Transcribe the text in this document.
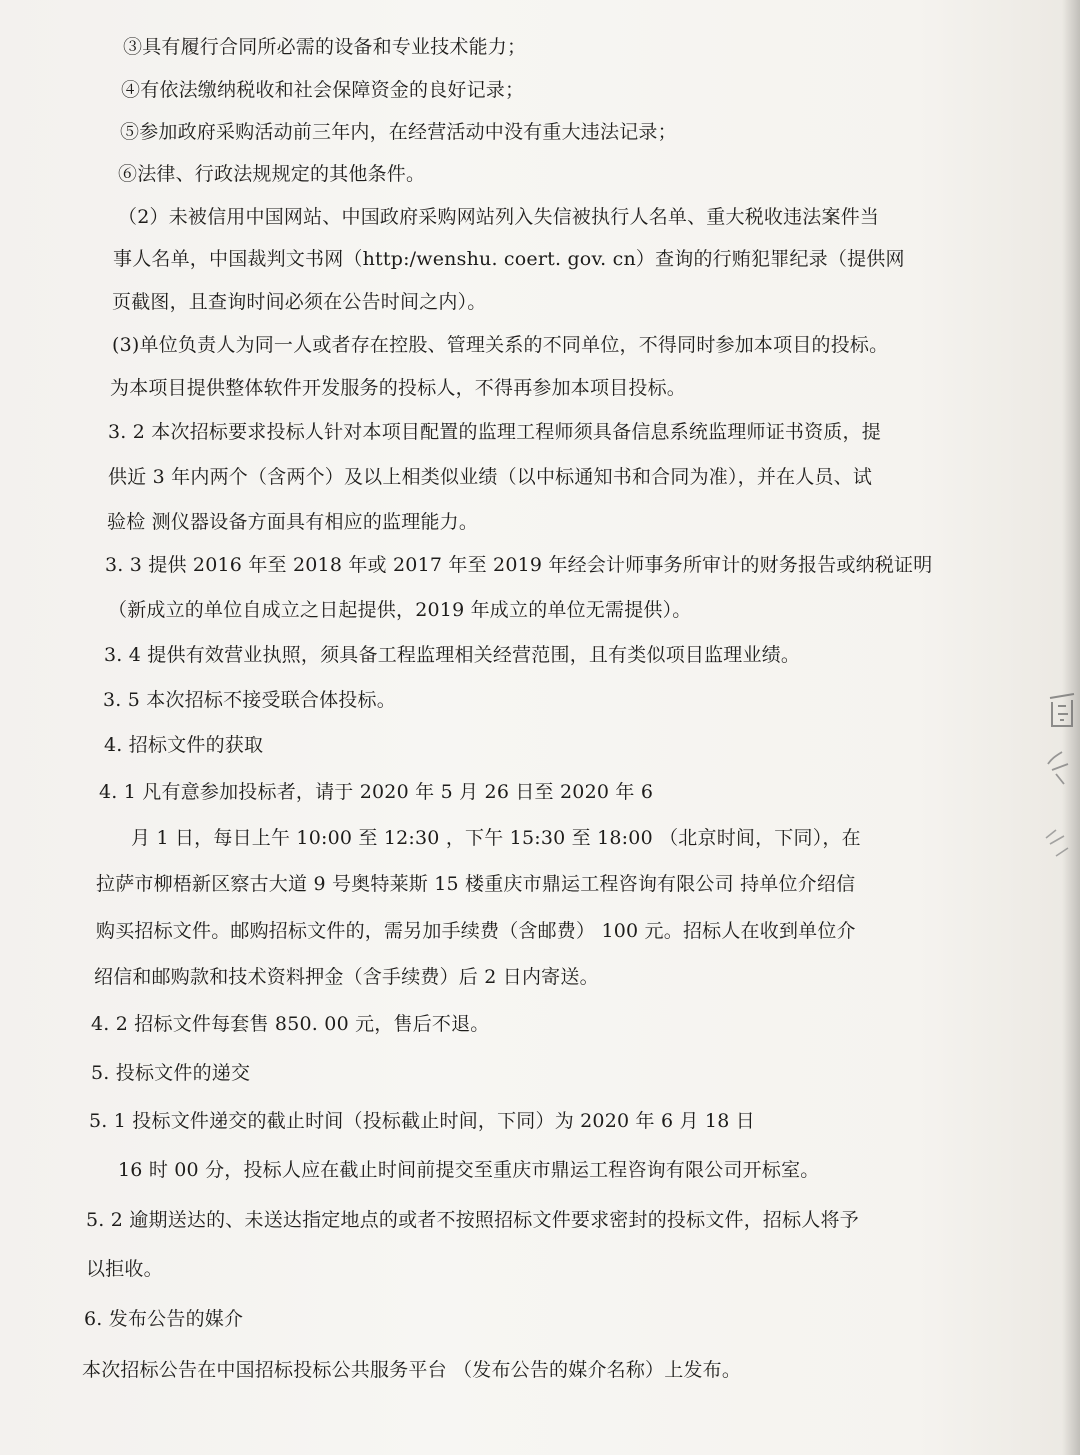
③具有履行合同所必需的设备和专业技术能力；
④有依法缴纳税收和社会保障资金的良好记录；
⑤参加政府采购活动前三年内，在经营活动中没有重大违法记录；
⑥法律、行政法规规定的其他条件。
（2）未被信用中国网站、中国政府采购网站列入失信被执行人名单、重大税收违法案件当
事人名单，中国裁判文书网（http:/wenshu. coert. gov. cn）查询的行贿犯罪纪录（提供网
页截图，且查询时间必须在公告时间之内）。
(3)单位负责人为同一人或者存在控股、管理关系的不同单位，不得同时参加本项目的投标。
为本项目提供整体软件开发服务的投标人，不得再参加本项目投标。
3. 2 本次招标要求投标人针对本项目配置的监理工程师须具备信息系统监理师证书资质，提
供近 3 年内两个（含两个）及以上相类似业绩（以中标通知书和合同为准），并在人员、试
验检 测仪器设备方面具有相应的监理能力。
3. 3 提供 2016 年至 2018 年或 2017 年至 2019 年经会计师事务所审计的财务报告或纳税证明
（新成立的单位自成立之日起提供，2019 年成立的单位无需提供）。
3. 4 提供有效营业执照，须具备工程监理相关经营范围，且有类似项目监理业绩。
3. 5 本次招标不接受联合体投标。
4. 招标文件的获取
4. 1 凡有意参加投标者，请于 2020 年 5 月 26 日至 2020 年 6
月 1 日，每日上午 10:00 至 12:30 ，下午 15:30 至 18:00 （北京时间，下同），在
拉萨市柳梧新区察古大道 9 号奥特莱斯 15 楼重庆市鼎运工程咨询有限公司 持单位介绍信
购买招标文件。邮购招标文件的，需另加手续费（含邮费） 100 元。招标人在收到单位介
绍信和邮购款和技术资料押金（含手续费）后 2 日内寄送。
4. 2 招标文件每套售 850. 00 元，售后不退。
5. 投标文件的递交
5. 1 投标文件递交的截止时间（投标截止时间，下同）为 2020 年 6 月 18 日
16 时 00 分，投标人应在截止时间前提交至重庆市鼎运工程咨询有限公司开标室。
5. 2 逾期送达的、未送达指定地点的或者不按照招标文件要求密封的投标文件，招标人将予
以拒收。
6. 发布公告的媒介
本次招标公告在中国招标投标公共服务平台 （发布公告的媒介名称）上发布。
